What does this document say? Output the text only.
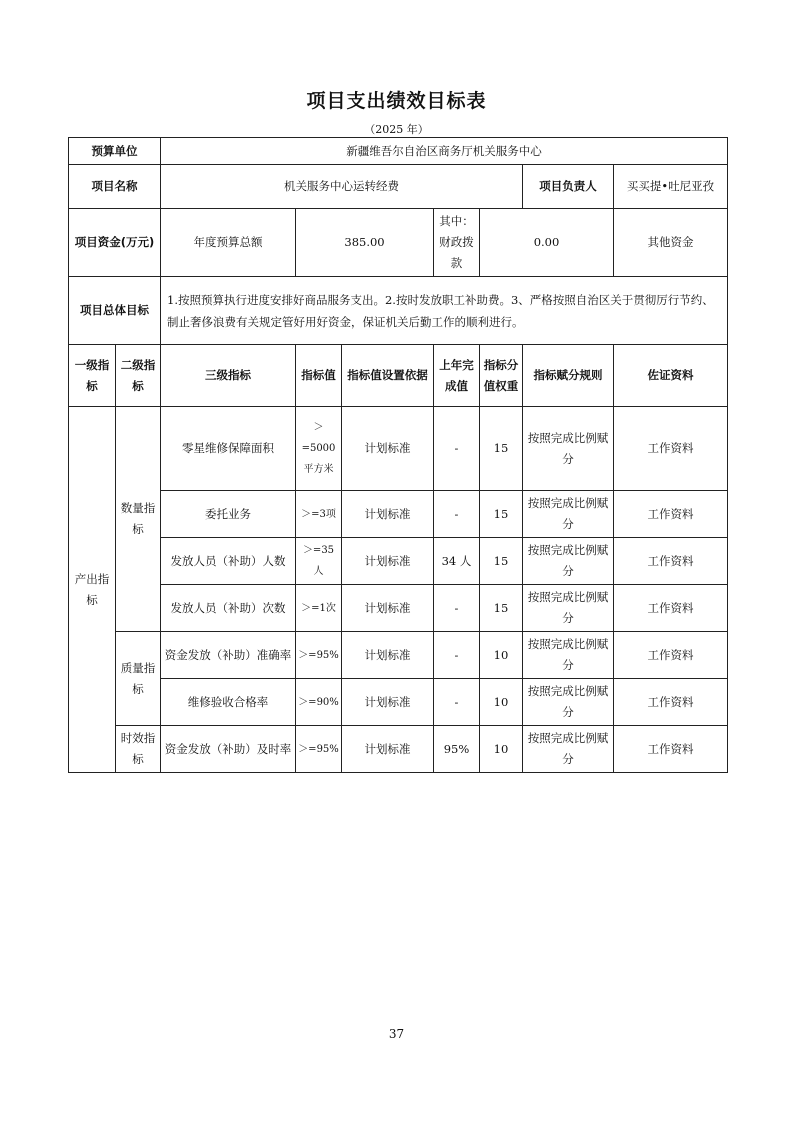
项目支出绩效目标表
（2025 年）
预算单位		新疆维吾尔自治区商务厅机关服务中心						
项目名称		机关服务中心运转经费					项目负责人	买买提•吐尼亚孜
项目资金(万元)		年度预算总额	385.00		其中：财政拨款	0.00		其他资金
项目总体目标		1.按照预算执行进度安排好商品服务支出。2.按时发放职工补助费。3、严格按照自治区关于贯彻厉行节约、制止奢侈浪费有关规定管好用好资金，保证机关后勤工作的顺利进行。						
一级指标	二级指标	三级指标	指标值	指标值设置依据	上年完成值	指标分值权重	指标赋分规则	佐证资料
产出指标	数量指标	零星维修保障面积	＞=5000平方米	计划标准	-	15	按照完成比例赋分	工作资料
		委托业务	＞=3项	计划标准	-	15	按照完成比例赋分	工作资料
		发放人员（补助）人数	＞=35人	计划标准	34 人	15	按照完成比例赋分	工作资料
		发放人员（补助）次数	＞=1次	计划标准	-	15	按照完成比例赋分	工作资料
	质量指标	资金发放（补助）准确率	＞=95%	计划标准	-	10	按照完成比例赋分	工作资料
		维修验收合格率	＞=90%	计划标准	-	10	按照完成比例赋分	工作资料
	时效指标	资金发放（补助）及时率	＞=95%	计划标准	95%	10	按照完成比例赋分	工作资料
37
